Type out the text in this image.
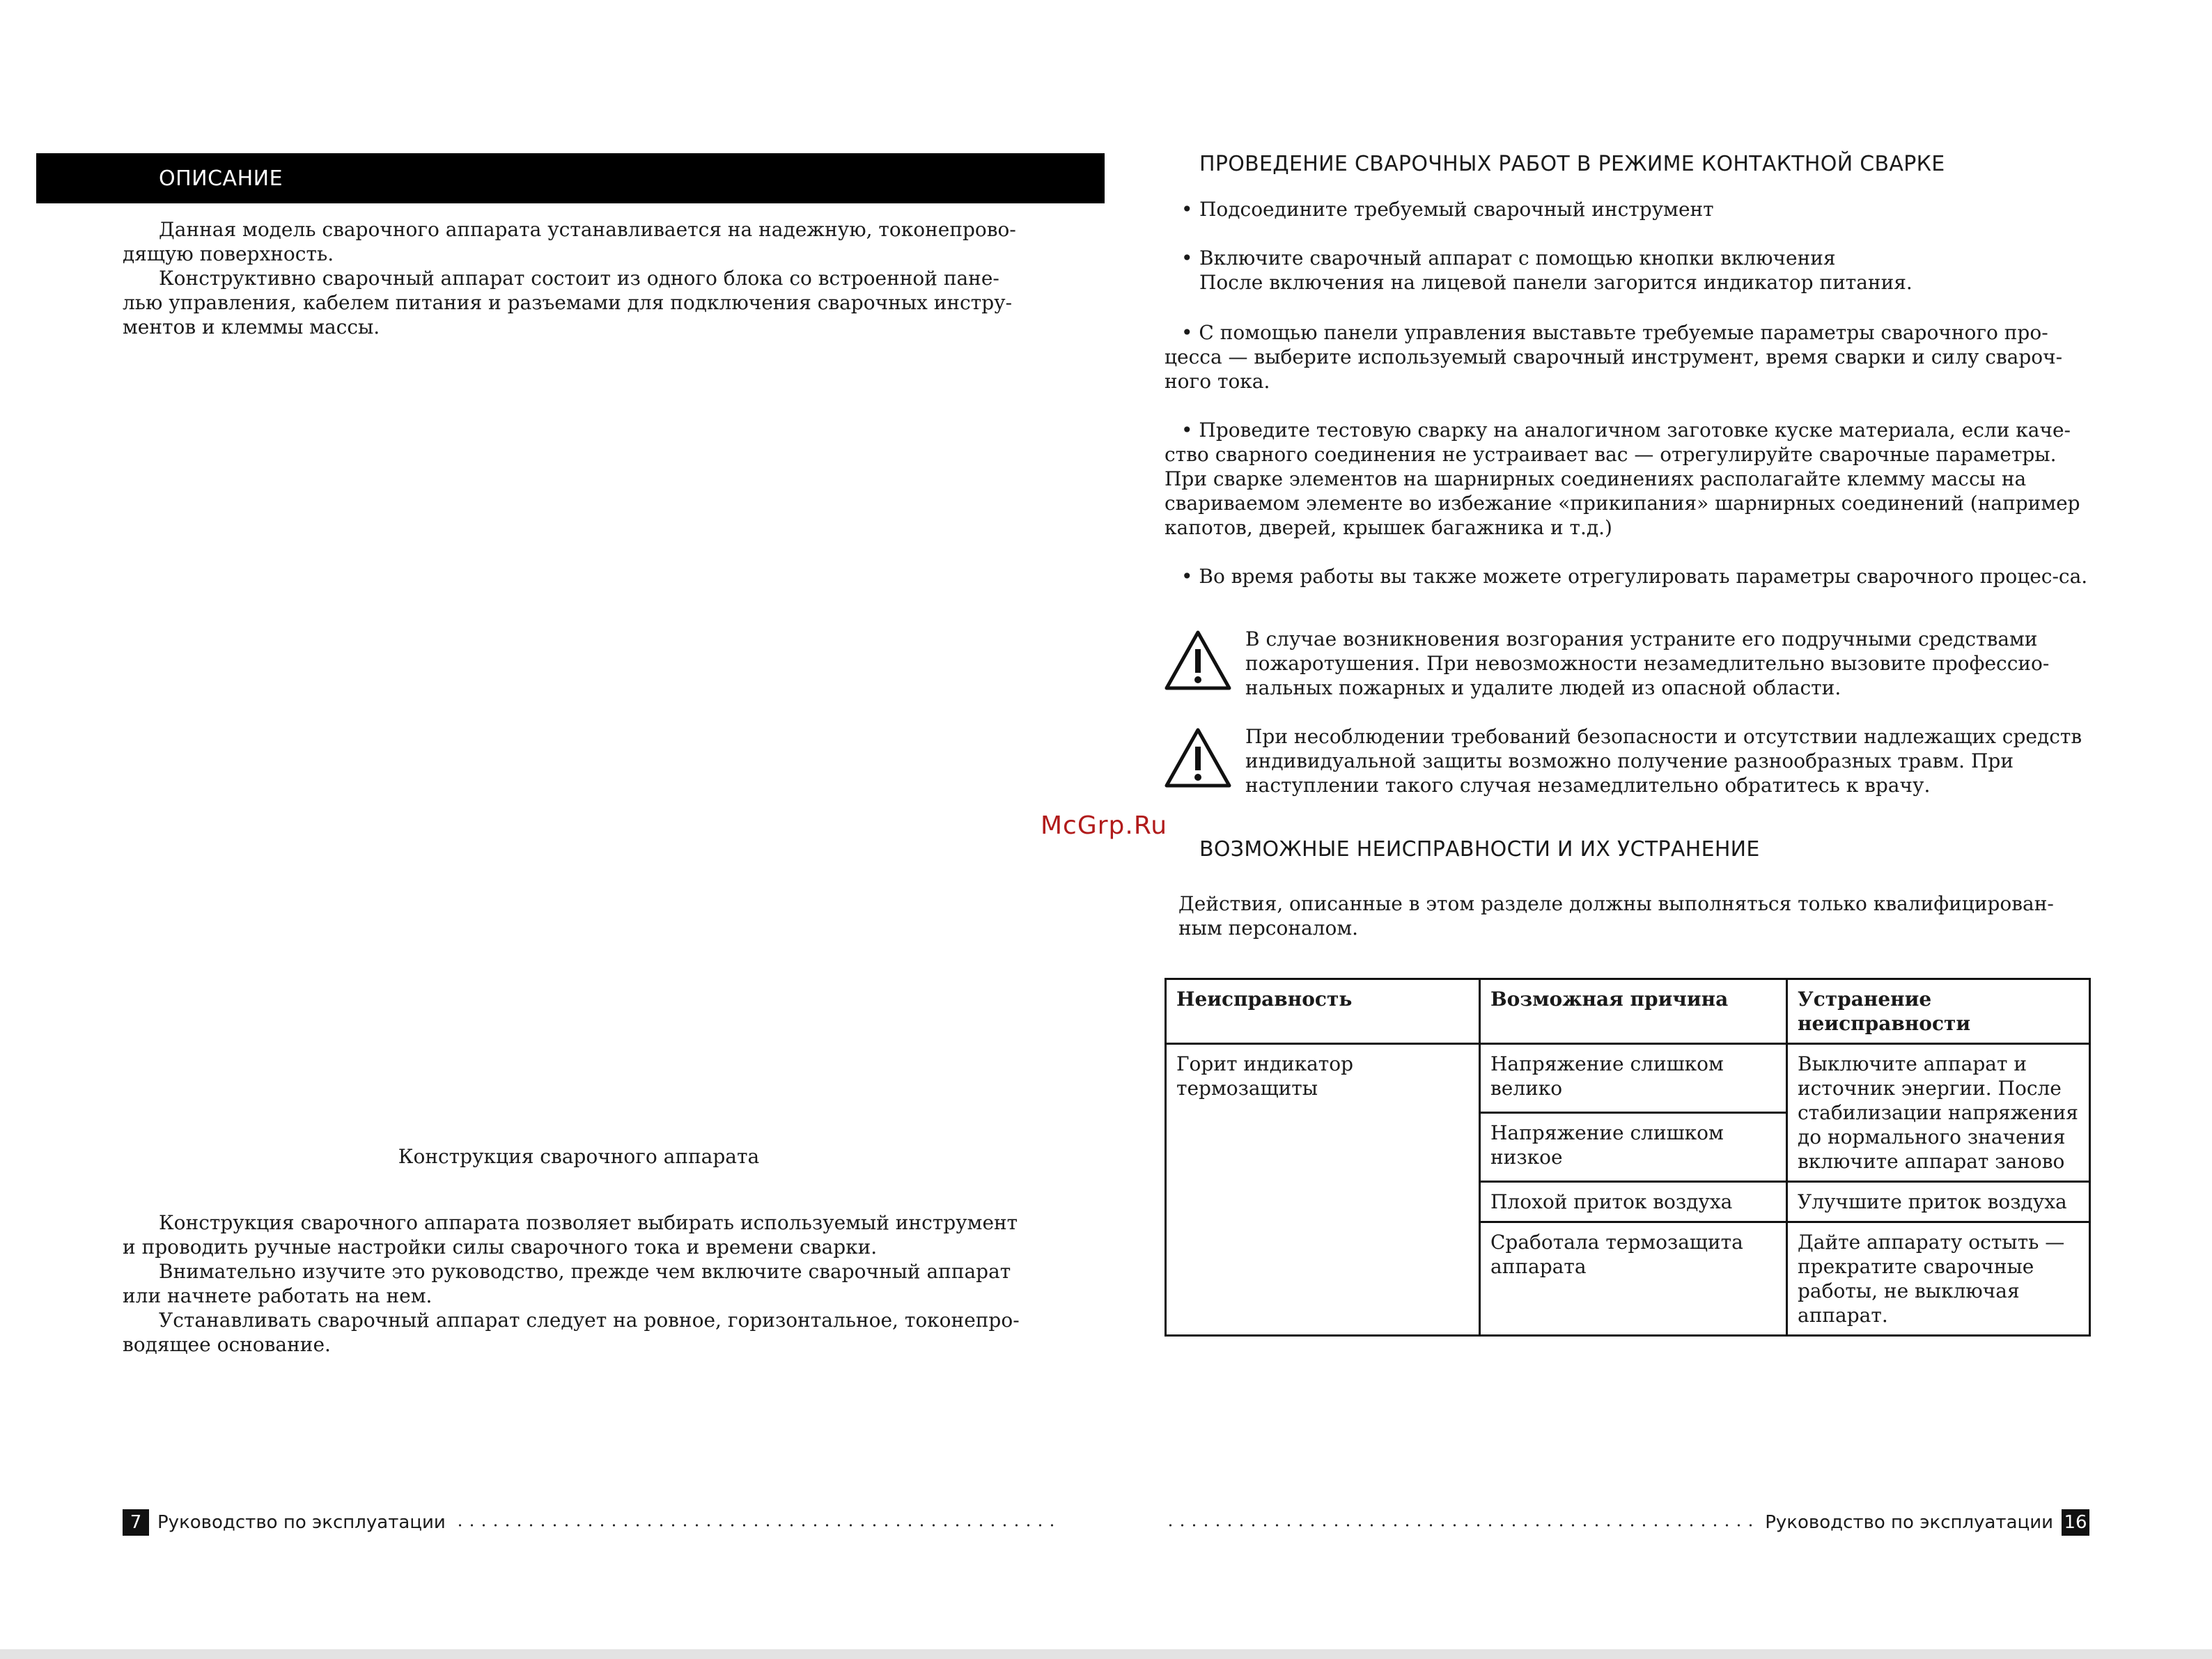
ОПИСАНИЕ

Данная модель сварочного аппарата устанавливается на надежную, токонепрово-дящую поверхность.

Конструктивно сварочный аппарат состоит из одного блока со встроенной пане-лью управления, кабелем питания и разъемами для подключения сварочных инстру-ментов и клеммы массы.

Конструкция сварочного аппарата

Конструкция сварочного аппарата позволяет выбирать используемый инструмент и проводить ручные настройки силы сварочного тока и времени сварки.

Внимательно изучите это руководство, прежде чем включите сварочный аппарат или начнете работать на нем.

Устанавливать сварочный аппарат следует на ровное, горизонтальное, токонепро-водящее основание.

7 Руководство по эксплуатации
McGrp.Ru
ПРОВЕДЕНИЕ СВАРОЧНЫХ РАБОТ В РЕЖИМЕ КОНТАКТНОЙ СВАРКЕ

• Подсоедините требуемый сварочный инструмент

• Включите сварочный аппарат с помощью кнопки включения

После включения на лицевой панели загорится индикатор питания.

• С помощью панели управления выставьте требуемые параметры сварочного про-цесса — выберите используемый сварочный инструмент, время сварки и силу свароч-ного тока.

• Проведите тестовую сварку на аналогичном заготовке куске материала, если каче-ство сварного соединения не устраивает вас — отрегулируйте сварочные параметры.

При сварке элементов на шарнирных соединениях располагайте клемму массы на свариваемом элементе во избежание «прикипания» шарнирных соединений (например капотов, дверей, крышек багажника и т.д.)

• Во время работы вы также можете отрегулировать параметры сварочного процес-са.

В случае возникновения возгорания устраните его подручными средствами пожаротушения. При невозможности незамедлительно вызовите профессио-нальных пожарных и удалите людей из опасной области.
При несоблюдении требований безопасности и отсутствии надлежащих средств индивидуальной защиты возможно получение разнообразных травм. При наступлении такого случая незамедлительно обратитесь к врачу.
ВОЗМОЖНЫЕ НЕИСПРАВНОСТИ И ИХ УСТРАНЕНИЕ
Действия, описанные в этом разделе должны выполняться только квалифицирован-ным персоналом.
Неисправность	Возможная причина	Устранение неисправности
Горит индикатор термозащиты	Напряжение слишком велико	Выключите аппарат и источник энергии. После стабилизации напряжения до нормального значения включите аппарат заново
	Напряжение слишком низкое	
	Плохой приток воздуха	Улучшите приток воздуха
	Сработала термозащита аппарата	Дайте аппарату остыть — прекратите сварочные работы, не выключая аппарат.
Руководство по эксплуатации 16
